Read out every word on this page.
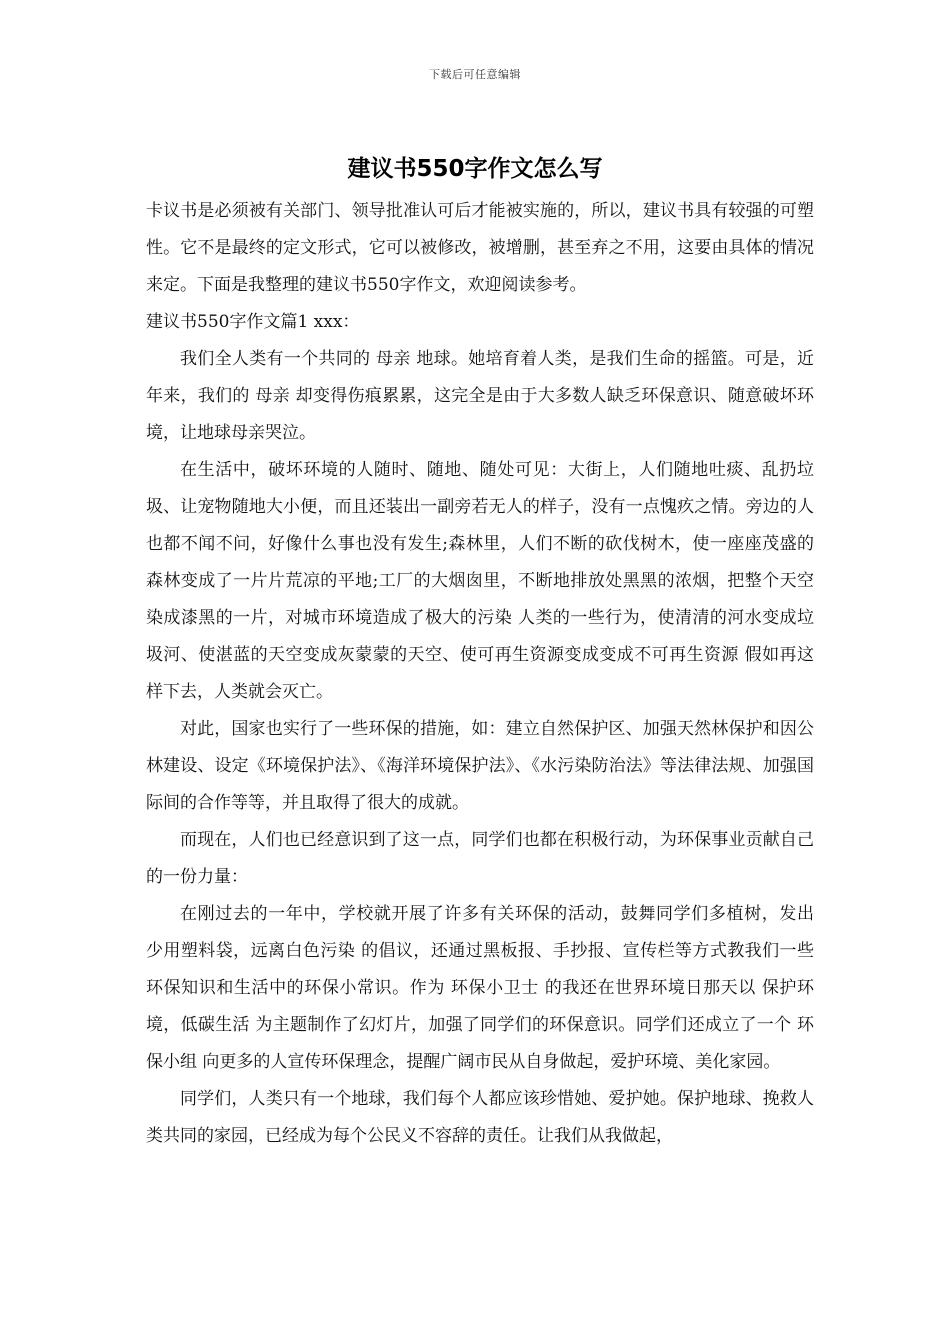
下载后可任意编辑
建议书550字作文怎么写

卡议书是必须被有关部门、领导批准认可后才能被实施的，所以，建议书具有较强的可塑性。它不是最终的定文形式，它可以被修改，被增删，甚至弃之不用，这要由具体的情况来定。下面是我整理的建议书550字作文，欢迎阅读参考。

建议书550字作文篇1 xxx：

我们全人类有一个共同的 母亲 地球。她培育着人类，是我们生命的摇篮。可是，近年来，我们的 母亲 却变得伤痕累累，这完全是由于大多数人缺乏环保意识、随意破坏环境，让地球母亲哭泣。

在生活中，破坏环境的人随时、随地、随处可见：大街上，人们随地吐痰、乱扔垃圾、让宠物随地大小便，而且还装出一副旁若无人的样子，没有一点愧疚之情。旁边的人也都不闻不问，好像什么事也没有发生;森林里，人们不断的砍伐树木，使一座座茂盛的森林变成了一片片荒凉的平地;工厂的大烟囱里，不断地排放处黑黑的浓烟，把整个天空染成漆黑的一片，对城市环境造成了极大的污染 人类的一些行为，使清清的河水变成垃圾河、使湛蓝的天空变成灰蒙蒙的天空、使可再生资源变成变成不可再生资源 假如再这样下去，人类就会灭亡。

对此，国家也实行了一些环保的措施，如：建立自然保护区、加强天然林保护和因公林建设、设定《环境保护法》、《海洋环境保护法》、《水污染防治法》等法律法规、加强国际间的合作等等，并且取得了很大的成就。

而现在，人们也已经意识到了这一点，同学们也都在积极行动，为环保事业贡献自己的一份力量：

在刚过去的一年中，学校就开展了许多有关环保的活动，鼓舞同学们多植树，发出 少用塑料袋，远离白色污染 的倡议，还通过黑板报、手抄报、宣传栏等方式教我们一些环保知识和生活中的环保小常识。作为 环保小卫士 的我还在世界环境日那天以 保护环境，低碳生活 为主题制作了幻灯片，加强了同学们的环保意识。同学们还成立了一个 环保小组 向更多的人宣传环保理念，提醒广阔市民从自身做起，爱护环境、美化家园。

同学们，人类只有一个地球，我们每个人都应该珍惜她、爱护她。保护地球、挽救人类共同的家园，已经成为每个公民义不容辞的责任。让我们从我做起，
